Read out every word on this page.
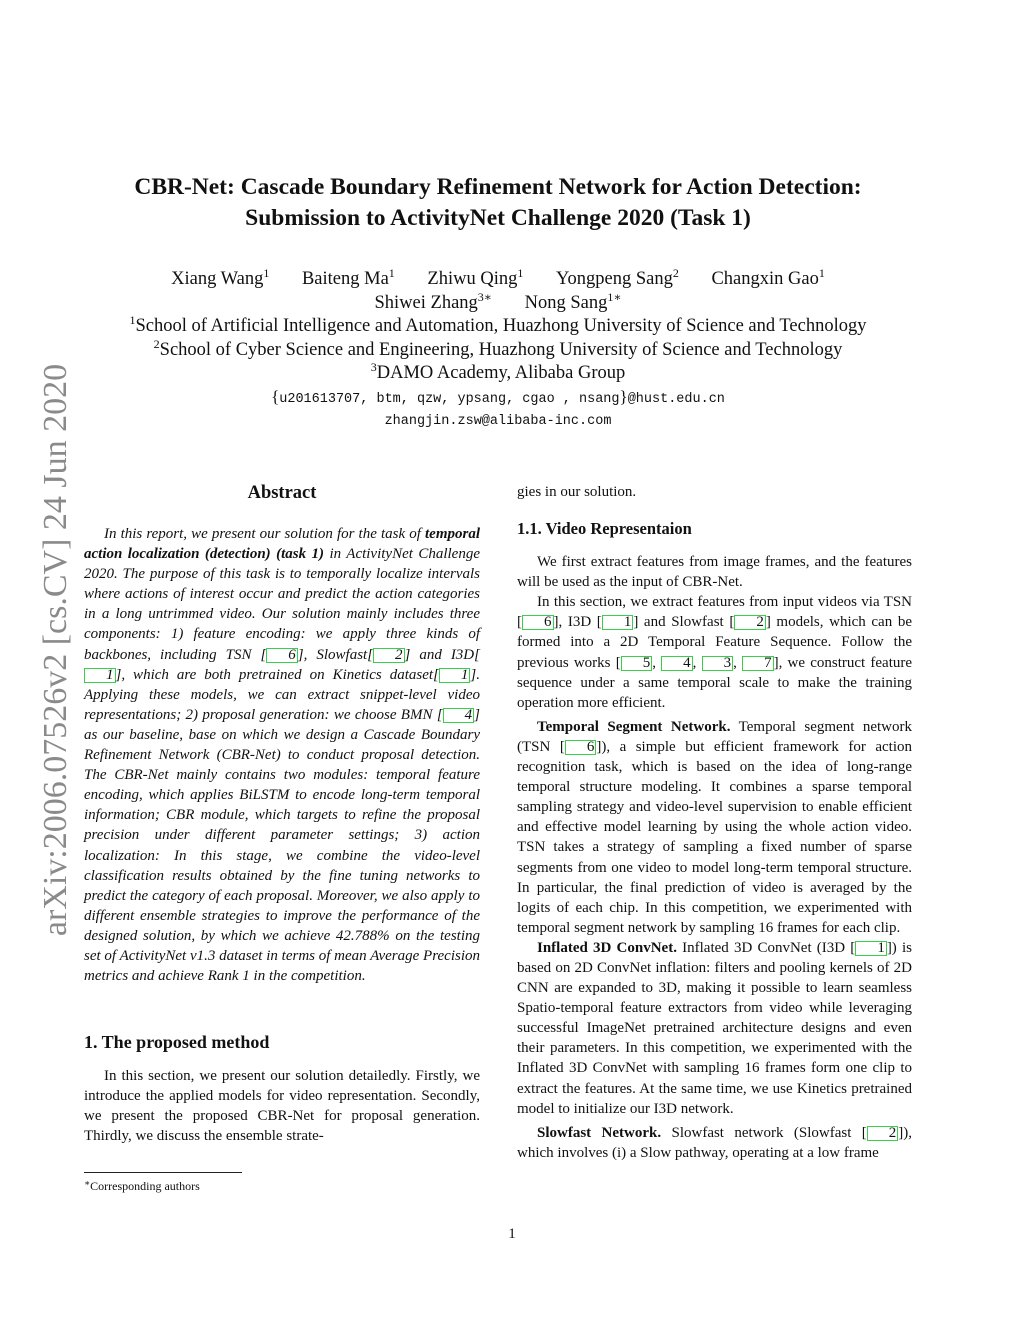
arXiv:2006.07526v2 [cs.CV] 24 Jun 2020
CBR-Net: Cascade Boundary Refinement Network for Action Detection:
Submission to ActivityNet Challenge 2020 (Task 1)
Xiang Wang$^1$ Baiteng Ma$^1$ Zhiwu Qing$^1$ Yongpeng Sang$^2$ Changxin Gao$^1$
Shiwei Zhang$^{3∗}$ Nong Sang$^{1∗}$
$^1$School of Artificial Intelligence and Automation, Huazhong University of Science and Technology
$^2$School of Cyber Science and Engineering, Huazhong University of Science and Technology
$^3$DAMO Academy, Alibaba Group
{u201613707, btm, qzw, ypsang, cgao , nsang}@hust.edu.cn
zhangjin.zsw@alibaba-inc.com
Abstract

In this report, we present our solution for the task of temporal action localization (detection) (task 1) in ActivityNet Challenge 2020. The purpose of this task is to temporally localize intervals where actions of interest occur and predict the action categories in a long untrimmed video. Our solution mainly includes three components: 1) feature encoding: we apply three kinds of backbones, including TSN [ 6 ], Slowfast[ 2 ] and I3D[1 ], which are both pretrained on Kinetics dataset[ 1 ]. Applying these models, we can extract snippet-level video representations; 2) proposal generation: we choose BMN [ 4 ] as our baseline, base on which we design a Cascade Boundary Refinement Network (CBR-Net) to conduct proposal detection. The CBR-Net mainly contains two modules: temporal feature encoding, which applies BiLSTM to encode long-term temporal information; CBR module, which targets to refine the proposal precision under different parameter settings; 3) action localization: In this stage, we combine the video-level classification results obtained by the fine tuning networks to predict the category of each proposal. Moreover, we also apply to different ensemble strategies to improve the performance of the designed solution, by which we achieve 42.788% on the testing set of ActivityNet v1.3 dataset in terms of mean Average Precision metrics and achieve Rank 1 in the competition.

1. The proposed method

In this section, we present our solution detailedly. Firstly, we introduce the applied models for video representation. Secondly, we present the proposed CBR-Net for proposal generation. Thirdly, we discuss the ensemble strate-

gies in our solution.

1.1. Video Representaion

We first extract features from image frames, and the features will be used as the input of CBR-Net.

In this section, we extract features from input videos via TSN [ 6 ], I3D [ 1 ] and Slowfast [ 2 ] models, which can be formed into a 2D Temporal Feature Sequence. Follow the previous works [ 5 , 4 , 3 , 7 ], we construct feature sequence under a same temporal scale to make the training operation more efficient.

Temporal Segment Network. Temporal segment network (TSN [ 6 ]), a simple but efficient framework for action recognition task, which is based on the idea of long-range temporal structure modeling. It combines a sparse temporal sampling strategy and video-level supervision to enable efficient and effective model learning by using the whole action video. TSN takes a strategy of sampling a fixed number of sparse segments from one video to model long-term temporal structure. In particular, the final prediction of video is averaged by the logits of each chip. In this competition, we experimented with temporal segment network by sampling 16 frames for each clip.

Inflated 3D ConvNet. Inflated 3D ConvNet (I3D [ 1 ]) is based on 2D ConvNet inflation: filters and pooling kernels of 2D CNN are expanded to 3D, making it possible to learn seamless Spatio-temporal feature extractors from video while leveraging successful ImageNet pretrained architecture designs and even their parameters. In this competition, we experimented with the Inflated 3D ConvNet with sampling 16 frames form one clip to extract the features. At the same time, we use Kinetics pretrained model to initialize our I3D network.

Slowfast Network. Slowfast network (Slowfast [ 2 ]), which involves (i) a Slow pathway, operating at a low frame

∗Corresponding authors
1
